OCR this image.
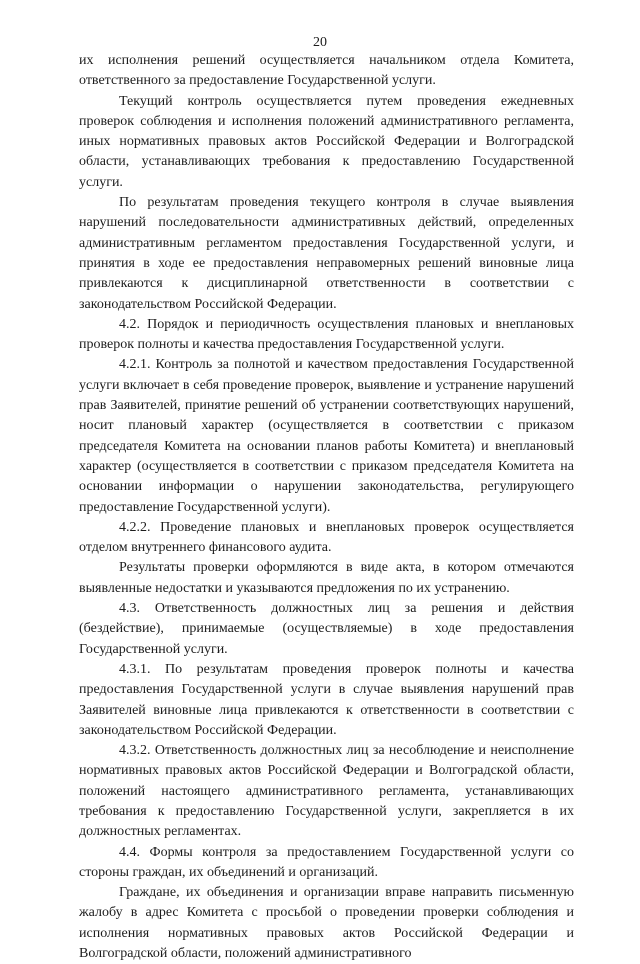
20

их исполнения решений осуществляется начальником отдела Комитета, ответственного за предоставление Государственной услуги.

Текущий контроль осуществляется путем проведения ежедневных проверок соблюдения и исполнения положений административного регламента, иных нормативных правовых актов Российской Федерации и Волгоградской области, устанавливающих требования к предоставлению Государственной услуги.

По результатам проведения текущего контроля в случае выявления нарушений последовательности административных действий, определенных административным регламентом предоставления Государственной услуги, и принятия в ходе ее предоставления неправомерных решений виновные лица привлекаются к дисциплинарной ответственности в соответствии с законодательством Российской Федерации.

4.2. Порядок и периодичность осуществления плановых и внеплановых проверок полноты и качества предоставления Государственной услуги.

4.2.1. Контроль за полнотой и качеством предоставления Государственной услуги включает в себя проведение проверок, выявление и устранение нарушений прав Заявителей, принятие решений об устранении соответствующих нарушений, носит плановый характер (осуществляется в соответствии с приказом председателя Комитета на основании планов работы Комитета) и внеплановый характер (осуществляется в соответствии с приказом председателя Комитета на основании информации о нарушении законодательства, регулирующего предоставление Государственной услуги).

4.2.2. Проведение плановых и внеплановых проверок осуществляется отделом внутреннего финансового аудита.

Результаты проверки оформляются в виде акта, в котором отмечаются выявленные недостатки и указываются предложения по их устранению.

4.3. Ответственность должностных лиц за решения и действия (бездействие), принимаемые (осуществляемые) в ходе предоставления Государственной услуги.

4.3.1. По результатам проведения проверок полноты и качества предоставления Государственной услуги в случае выявления нарушений прав Заявителей виновные лица привлекаются к ответственности в соответствии с законодательством Российской Федерации.

4.3.2. Ответственность должностных лиц за несоблюдение и неисполнение нормативных правовых актов Российской Федерации и Волгоградской области, положений настоящего административного регламента, устанавливающих требования к предоставлению Государственной услуги, закрепляется в их должностных регламентах.

4.4. Формы контроля за предоставлением Государственной услуги со стороны граждан, их объединений и организаций.

Граждане, их объединения и организации вправе направить письменную жалобу в адрес Комитета с просьбой о проведении проверки соблюдения и исполнения нормативных правовых актов Российской Федерации и Волгоградской области, положений административного
